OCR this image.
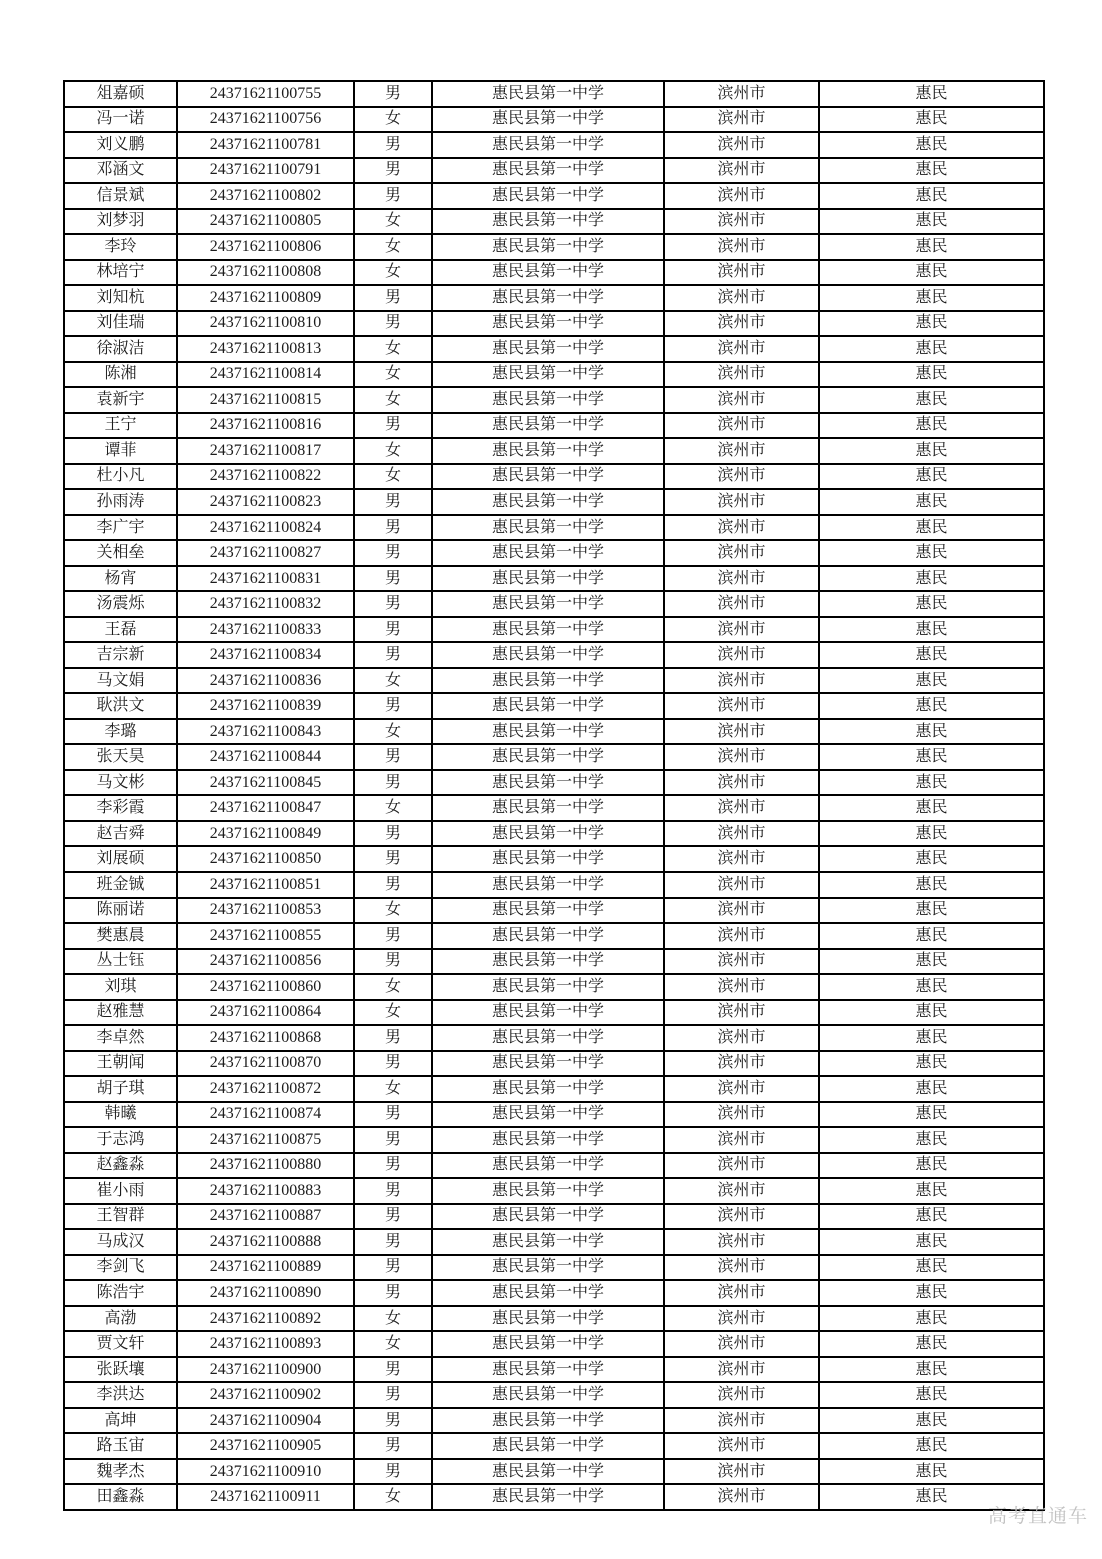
俎嘉硕	24371621100755	男	惠民县第一中学	滨州市	惠民
冯一诺	24371621100756	女	惠民县第一中学	滨州市	惠民
刘义鹏	24371621100781	男	惠民县第一中学	滨州市	惠民
邓涵文	24371621100791	男	惠民县第一中学	滨州市	惠民
信景斌	24371621100802	男	惠民县第一中学	滨州市	惠民
刘梦羽	24371621100805	女	惠民县第一中学	滨州市	惠民
李玲	24371621100806	女	惠民县第一中学	滨州市	惠民
林培宁	24371621100808	女	惠民县第一中学	滨州市	惠民
刘知杭	24371621100809	男	惠民县第一中学	滨州市	惠民
刘佳瑞	24371621100810	男	惠民县第一中学	滨州市	惠民
徐淑洁	24371621100813	女	惠民县第一中学	滨州市	惠民
陈湘	24371621100814	女	惠民县第一中学	滨州市	惠民
袁新宇	24371621100815	女	惠民县第一中学	滨州市	惠民
王宁	24371621100816	男	惠民县第一中学	滨州市	惠民
谭菲	24371621100817	女	惠民县第一中学	滨州市	惠民
杜小凡	24371621100822	女	惠民县第一中学	滨州市	惠民
孙雨涛	24371621100823	男	惠民县第一中学	滨州市	惠民
李广宇	24371621100824	男	惠民县第一中学	滨州市	惠民
关相垒	24371621100827	男	惠民县第一中学	滨州市	惠民
杨宵	24371621100831	男	惠民县第一中学	滨州市	惠民
汤震烁	24371621100832	男	惠民县第一中学	滨州市	惠民
王磊	24371621100833	男	惠民县第一中学	滨州市	惠民
吉宗新	24371621100834	男	惠民县第一中学	滨州市	惠民
马文娟	24371621100836	女	惠民县第一中学	滨州市	惠民
耿洪文	24371621100839	男	惠民县第一中学	滨州市	惠民
李璐	24371621100843	女	惠民县第一中学	滨州市	惠民
张天昊	24371621100844	男	惠民县第一中学	滨州市	惠民
马文彬	24371621100845	男	惠民县第一中学	滨州市	惠民
李彩霞	24371621100847	女	惠民县第一中学	滨州市	惠民
赵吉舜	24371621100849	男	惠民县第一中学	滨州市	惠民
刘展硕	24371621100850	男	惠民县第一中学	滨州市	惠民
班金铖	24371621100851	男	惠民县第一中学	滨州市	惠民
陈丽诺	24371621100853	女	惠民县第一中学	滨州市	惠民
樊惠晨	24371621100855	男	惠民县第一中学	滨州市	惠民
丛士钰	24371621100856	男	惠民县第一中学	滨州市	惠民
刘琪	24371621100860	女	惠民县第一中学	滨州市	惠民
赵雅慧	24371621100864	女	惠民县第一中学	滨州市	惠民
李卓然	24371621100868	男	惠民县第一中学	滨州市	惠民
王朝闻	24371621100870	男	惠民县第一中学	滨州市	惠民
胡子琪	24371621100872	女	惠民县第一中学	滨州市	惠民
韩曦	24371621100874	男	惠民县第一中学	滨州市	惠民
于志鸿	24371621100875	男	惠民县第一中学	滨州市	惠民
赵鑫淼	24371621100880	男	惠民县第一中学	滨州市	惠民
崔小雨	24371621100883	男	惠民县第一中学	滨州市	惠民
王智群	24371621100887	男	惠民县第一中学	滨州市	惠民
马成汉	24371621100888	男	惠民县第一中学	滨州市	惠民
李剑飞	24371621100889	男	惠民县第一中学	滨州市	惠民
陈浩宇	24371621100890	男	惠民县第一中学	滨州市	惠民
高渤	24371621100892	女	惠民县第一中学	滨州市	惠民
贾文轩	24371621100893	女	惠民县第一中学	滨州市	惠民
张跃壤	24371621100900	男	惠民县第一中学	滨州市	惠民
李洪达	24371621100902	男	惠民县第一中学	滨州市	惠民
高坤	24371621100904	男	惠民县第一中学	滨州市	惠民
路玉宙	24371621100905	男	惠民县第一中学	滨州市	惠民
魏孝杰	24371621100910	男	惠民县第一中学	滨州市	惠民
田鑫淼	24371621100911	女	惠民县第一中学	滨州市	惠民
高考直通车
